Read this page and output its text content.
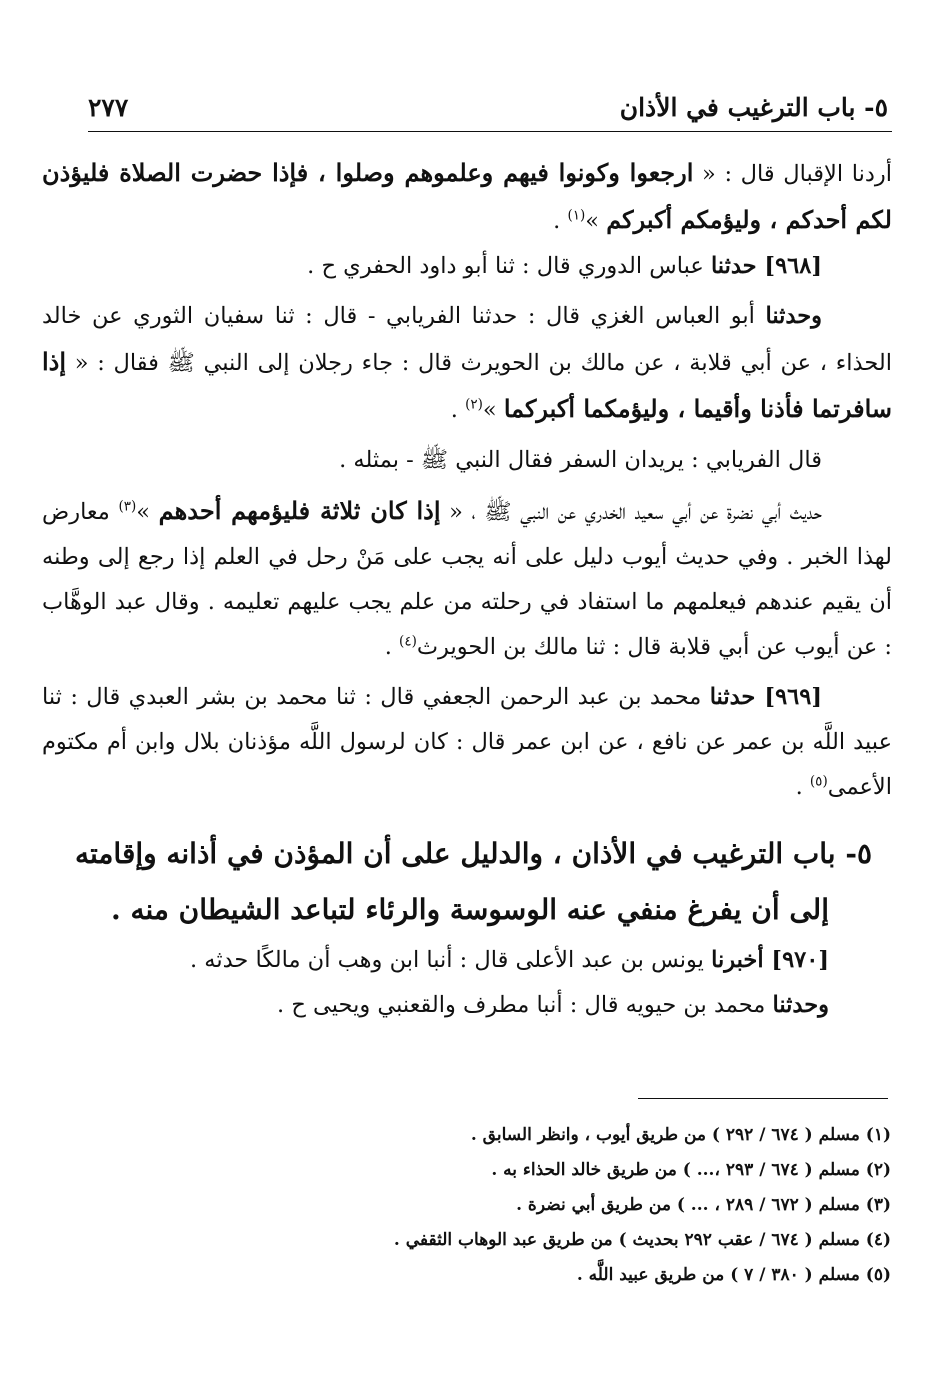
٥- باب الترغيب في الأذان
٢٧٧

أردنا الإقبال قال : « ارجعوا وكونوا فيهم وعلموهم وصلوا ، فإذا حضرت الصلاة فليؤذن لكم أحدكم ، وليؤمكم أكبركم »$^{(١)}$ .

[٩٦٨] حدثنا عباس الدوري قال : ثنا أبو داود الحفري ح .

وحدثنا أبو العباس الغزي قال : حدثنا الفريابي - قال : ثنا سفيان الثوري عن خالد الحذاء ، عن أبي قلابة ، عن مالك بن الحويرث قال : جاء رجلان إلى النبي ﷺ فقال : « إذا سافرتما فأذنا وأقيما ، وليؤمكما أكبركما »$^{(٢)}$ .

قال الفريابي : يريدان السفر فقال النبي ﷺ - بمثله .

حديث أبي نضرة عن أبي سعيد الخدري عن النبي ﷺ ، « إذا كان ثلاثة فليؤمهم أحدهم »$^{(٣)}$ معارض لهذا الخبر . وفي حديث أيوب دليل على أنه يجب على مَنْ رحل في العلم إذا رجع إلى وطنه أن يقيم عندهم فيعلمهم ما استفاد في رحلته من علم يجب عليهم تعليمه . وقال عبد الوهَّاب : عن أيوب عن أبي قلابة قال : ثنا مالك بن الحويرث$^{(٤)}$ .

[٩٦٩] حدثنا محمد بن عبد الرحمن الجعفي قال : ثنا محمد بن بشر العبدي قال : ثنا عبيد اللَّه بن عمر عن نافع ، عن ابن عمر قال : كان لرسول اللَّه مؤذنان بلال وابن أم مكتوم الأعمى$^{(٥)}$ .

٥- باب الترغيب في الأذان ، والدليل على أن المؤذن في أذانه وإقامته
إلى أن يفرغ منفي عنه الوسوسة والرئاء لتباعد الشيطان منه .

[٩٧٠] أخبرنا يونس بن عبد الأعلى قال : أنبا ابن وهب أن مالكًا حدثه .

وحدثنا محمد بن حيويه قال : أنبا مطرف والقعنبي ويحيى ح .

(١) مسلم ( ٦٧٤ / ٢٩٢ ) من طريق أيوب ، وانظر السابق .

(٢) مسلم ( ٦٧٤ / ٢٩٣ ،... ) من طريق خالد الحذاء به .

(٣) مسلم ( ٦٧٢ / ٢٨٩ ، ... ) من طريق أبي نضرة .

(٤) مسلم ( ٦٧٤ / عقب ٢٩٢ بحديث ) من طريق عبد الوهاب الثقفي .

(٥) مسلم ( ٣٨٠ / ٧ ) من طريق عبيد اللَّه .
